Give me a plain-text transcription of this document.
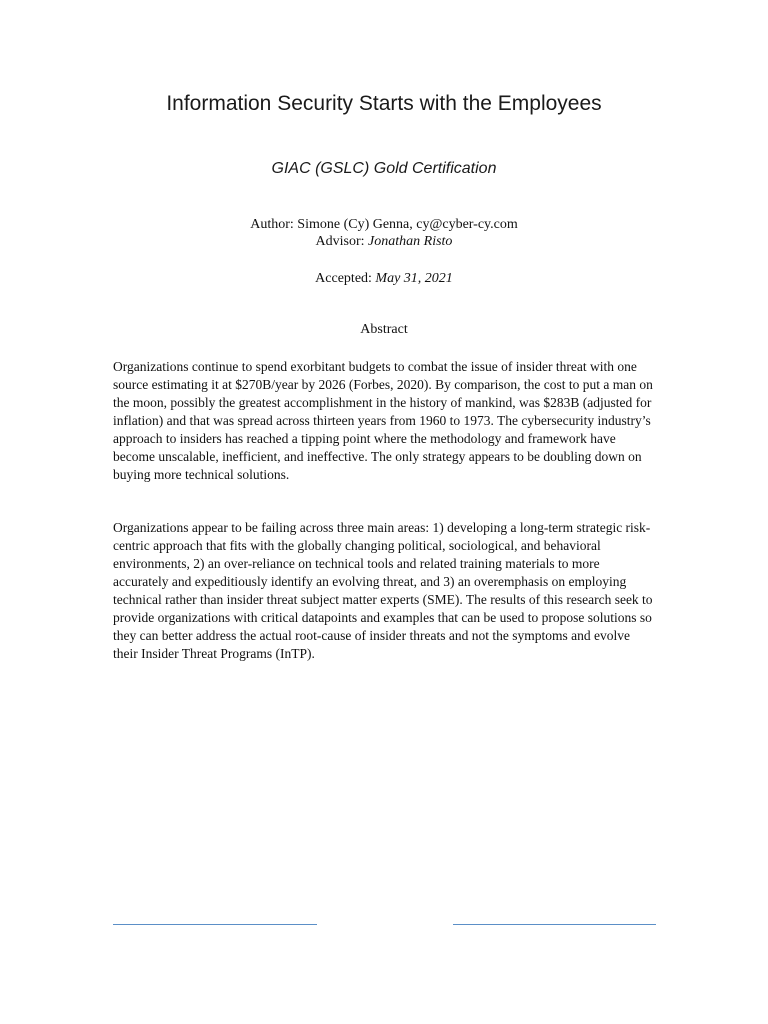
Information Security Starts with the Employees
GIAC (GSLC) Gold Certification
Author: Simone (Cy) Genna, cy@cyber-cy.com
Advisor: Jonathan Risto
Accepted: May 31, 2021
Abstract

Organizations continue to spend exorbitant budgets to combat the issue of insider threat with one source estimating it at $270B/year by 2026 (Forbes, 2020). By comparison, the cost to put a man on the moon, possibly the greatest accomplishment in the history of mankind, was $283B (adjusted for inflation) and that was spread across thirteen years from 1960 to 1973. The cybersecurity industry’s approach to insiders has reached a tipping point where the methodology and framework have become unscalable, inefficient, and ineffective. The only strategy appears to be doubling down on buying more technical solutions.

Organizations appear to be failing across three main areas: 1) developing a long-term strategic risk-centric approach that fits with the globally changing political, sociological, and behavioral environments, 2) an over-reliance on technical tools and related training materials to more accurately and expeditiously identify an evolving threat, and 3) an overemphasis on employing technical rather than insider threat subject matter experts (SME). The results of this research seek to provide organizations with critical datapoints and examples that can be used to propose solutions so they can better address the actual root-cause of insider threats and not the symptoms and evolve their Insider Threat Programs (InTP).
